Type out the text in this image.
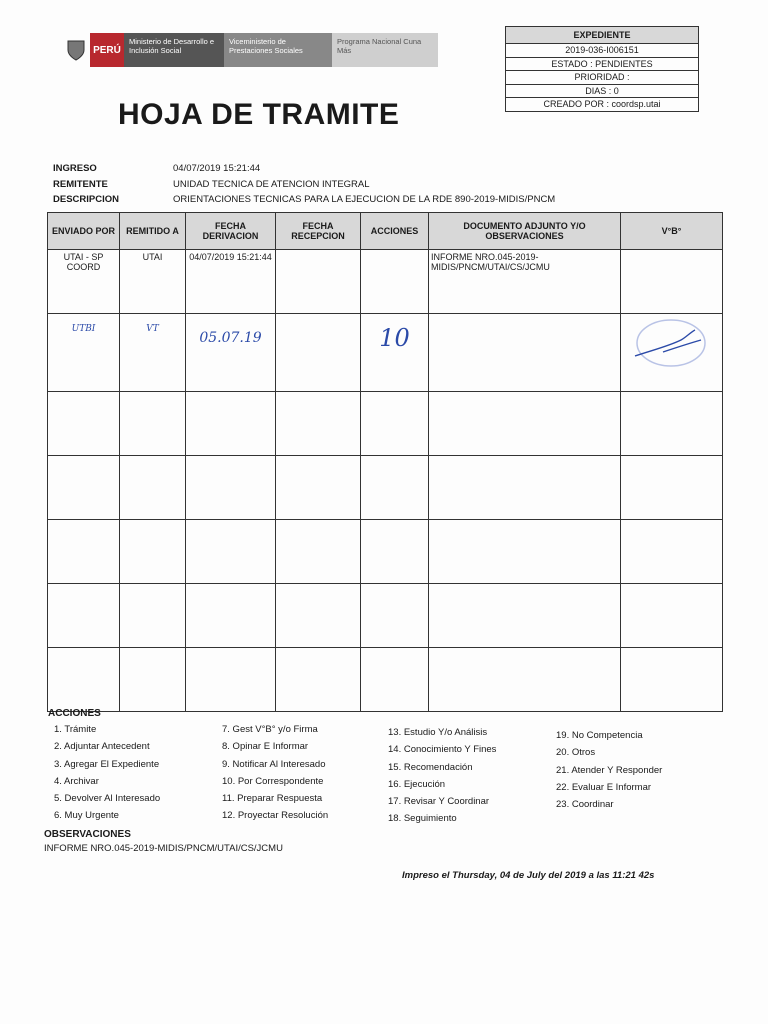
PERÚ
Ministerio de Desarrollo e Inclusión Social
Viceministerio de Prestaciones Sociales
Programa Nacional Cuna Más
HOJA DE TRAMITE
EXPEDIENTE
2019-036-I006151
ESTADO : PENDIENTES
PRIORIDAD :
DIAS : 0
CREADO POR : coordsp.utai
INGRESO	04/07/2019 15:21:44
REMITENTE	UNIDAD TECNICA DE ATENCION INTEGRAL
DESCRIPCION	ORIENTACIONES TECNICAS PARA LA EJECUCION DE LA RDE 890-2019-MIDIS/PNCM
ENVIADO POR	REMITIDO A	FECHA DERIVACION	FECHA RECEPCION	ACCIONES	DOCUMENTO ADJUNTO Y/O OBSERVACIONES	V°B°
UTAI - SP COORD	UTAI	04/07/2019 15:21:44			INFORME NRO.045-2019-MIDIS/PNCM/UTAI/CS/JCMU	
UTBI	VT	05.07.19		10		

ACCIONES
1. Trámite
2. Adjuntar Antecedent
3. Agregar El Expediente
4. Archivar
5. Devolver Al Interesado
6. Muy Urgente
7. Gest V°B° y/o Firma
8. Opinar E Informar
9. Notificar Al Interesado
10. Por Correspondente
11. Preparar Respuesta
12. Proyectar Resolución
13. Estudio Y/o Análisis
14. Conocimiento Y Fines
15. Recomendación
16. Ejecución
17. Revisar Y Coordinar
18. Seguimiento
19. No Competencia
20. Otros
21. Atender Y Responder
22. Evaluar E Informar
23. Coordinar
OBSERVACIONES
INFORME NRO.045-2019-MIDIS/PNCM/UTAI/CS/JCMU
Impreso el Thursday, 04 de July del 2019 a las 11:21 42s
